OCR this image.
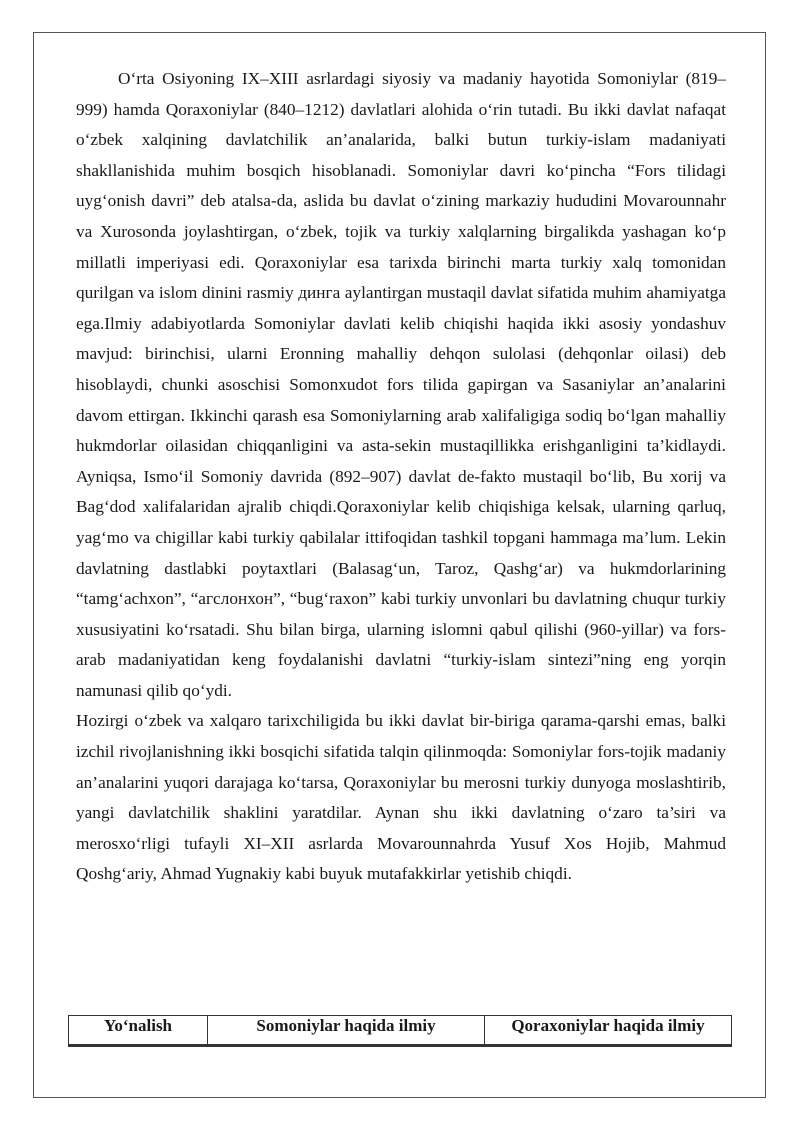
O‘rta Osiyoning IX–XIII asrlardagi siyosiy va madaniy hayotida Somoniylar (819–999) hamda Qoraxoniylar (840–1212) davlatlari alohida o‘rin tutadi. Bu ikki davlat nafaqat o‘zbek xalqining davlatchilik an’analarida, balki butun turkiy-islam madaniyati shakllanishida muhim bosqich hisoblanadi. Somoniylar davri ko‘pincha “Fors tilidagi uyg‘onish davri” deb atalsa-da, aslida bu davlat o‘zining markaziy hududini Movarounnahr va Xurosonda joylashtirgan, o‘zbek, tojik va turkiy xalqlarning birgalikda yashagan ko‘p millatli imperiyasi edi. Qoraxoniylar esa tarixda birinchi marta turkiy xalq tomonidan qurilgan va islom dinini rasmiy динга aylantirgan mustaqil davlat sifatida muhim ahamiyatga ega.Ilmiy adabiyotlarda Somoniylar davlati kelib chiqishi haqida ikki asosiy yondashuv mavjud: birinchisi, ularni Eronning mahalliy dehqon sulolasi (dehqonlar oilasi) deb hisoblaydi, chunki asoschisi Somonxudot fors tilida gapirgan va Sasaniylar an’analarini davom ettirgan. Ikkinchi qarash esa Somoniylarning arab xalifaligiga sodiq bo‘lgan mahalliy hukmdorlar oilasidan chiqqanligini va asta-sekin mustaqillikka erishganligini ta’kidlaydi. Ayniqsa, Ismo‘il Somoniy davrida (892–907) davlat de-fakto mustaqil bo‘lib, Bu xorij va Bag‘dod xalifalaridan ajralib chiqdi.Qoraxoniylar kelib chiqishiga kelsak, ularning qarluq, yag‘mo va chigillar kabi turkiy qabilalar ittifoqidan tashkil topgani hammaga ma’lum. Lekin davlatning dastlabki poytaxtlari (Balasag‘un, Taroz, Qashg‘ar) va hukmdorlarining “tamg‘achxon”, “агслонхон”, “bug‘raxon” kabi turkiy unvonlari bu davlatning chuqur turkiy xususiyatini ko‘rsatadi. Shu bilan birga, ularning islomni qabul qilishi (960-yillar) va fors-arab madaniyatidan keng foydalanishi davlatni “turkiy-islam sintezi”ning eng yorqin namunasi qilib qo‘ydi.

Hozirgi o‘zbek va xalqaro tarixchiligida bu ikki davlat bir-biriga qarama-qarshi emas, balki izchil rivojlanishning ikki bosqichi sifatida talqin qilinmoqda: Somoniylar fors-tojik madaniy an’analarini yuqori darajaga ko‘tarsa, Qoraxoniylar bu merosni turkiy dunyoga moslashtirib, yangi davlatchilik shaklini yaratdilar. Aynan shu ikki davlatning o‘zaro ta’siri va merosxo‘rligi tufayli XI–XII asrlarda Movarounnahrda Yusuf Xos Hojib, Mahmud Qoshg‘ariy, Ahmad Yugnakiy kabi buyuk mutafakkirlar yetishib chiqdi.

Yo‘nalish	Somoniylar haqida ilmiy	Qoraxoniylar haqida ilmiy
